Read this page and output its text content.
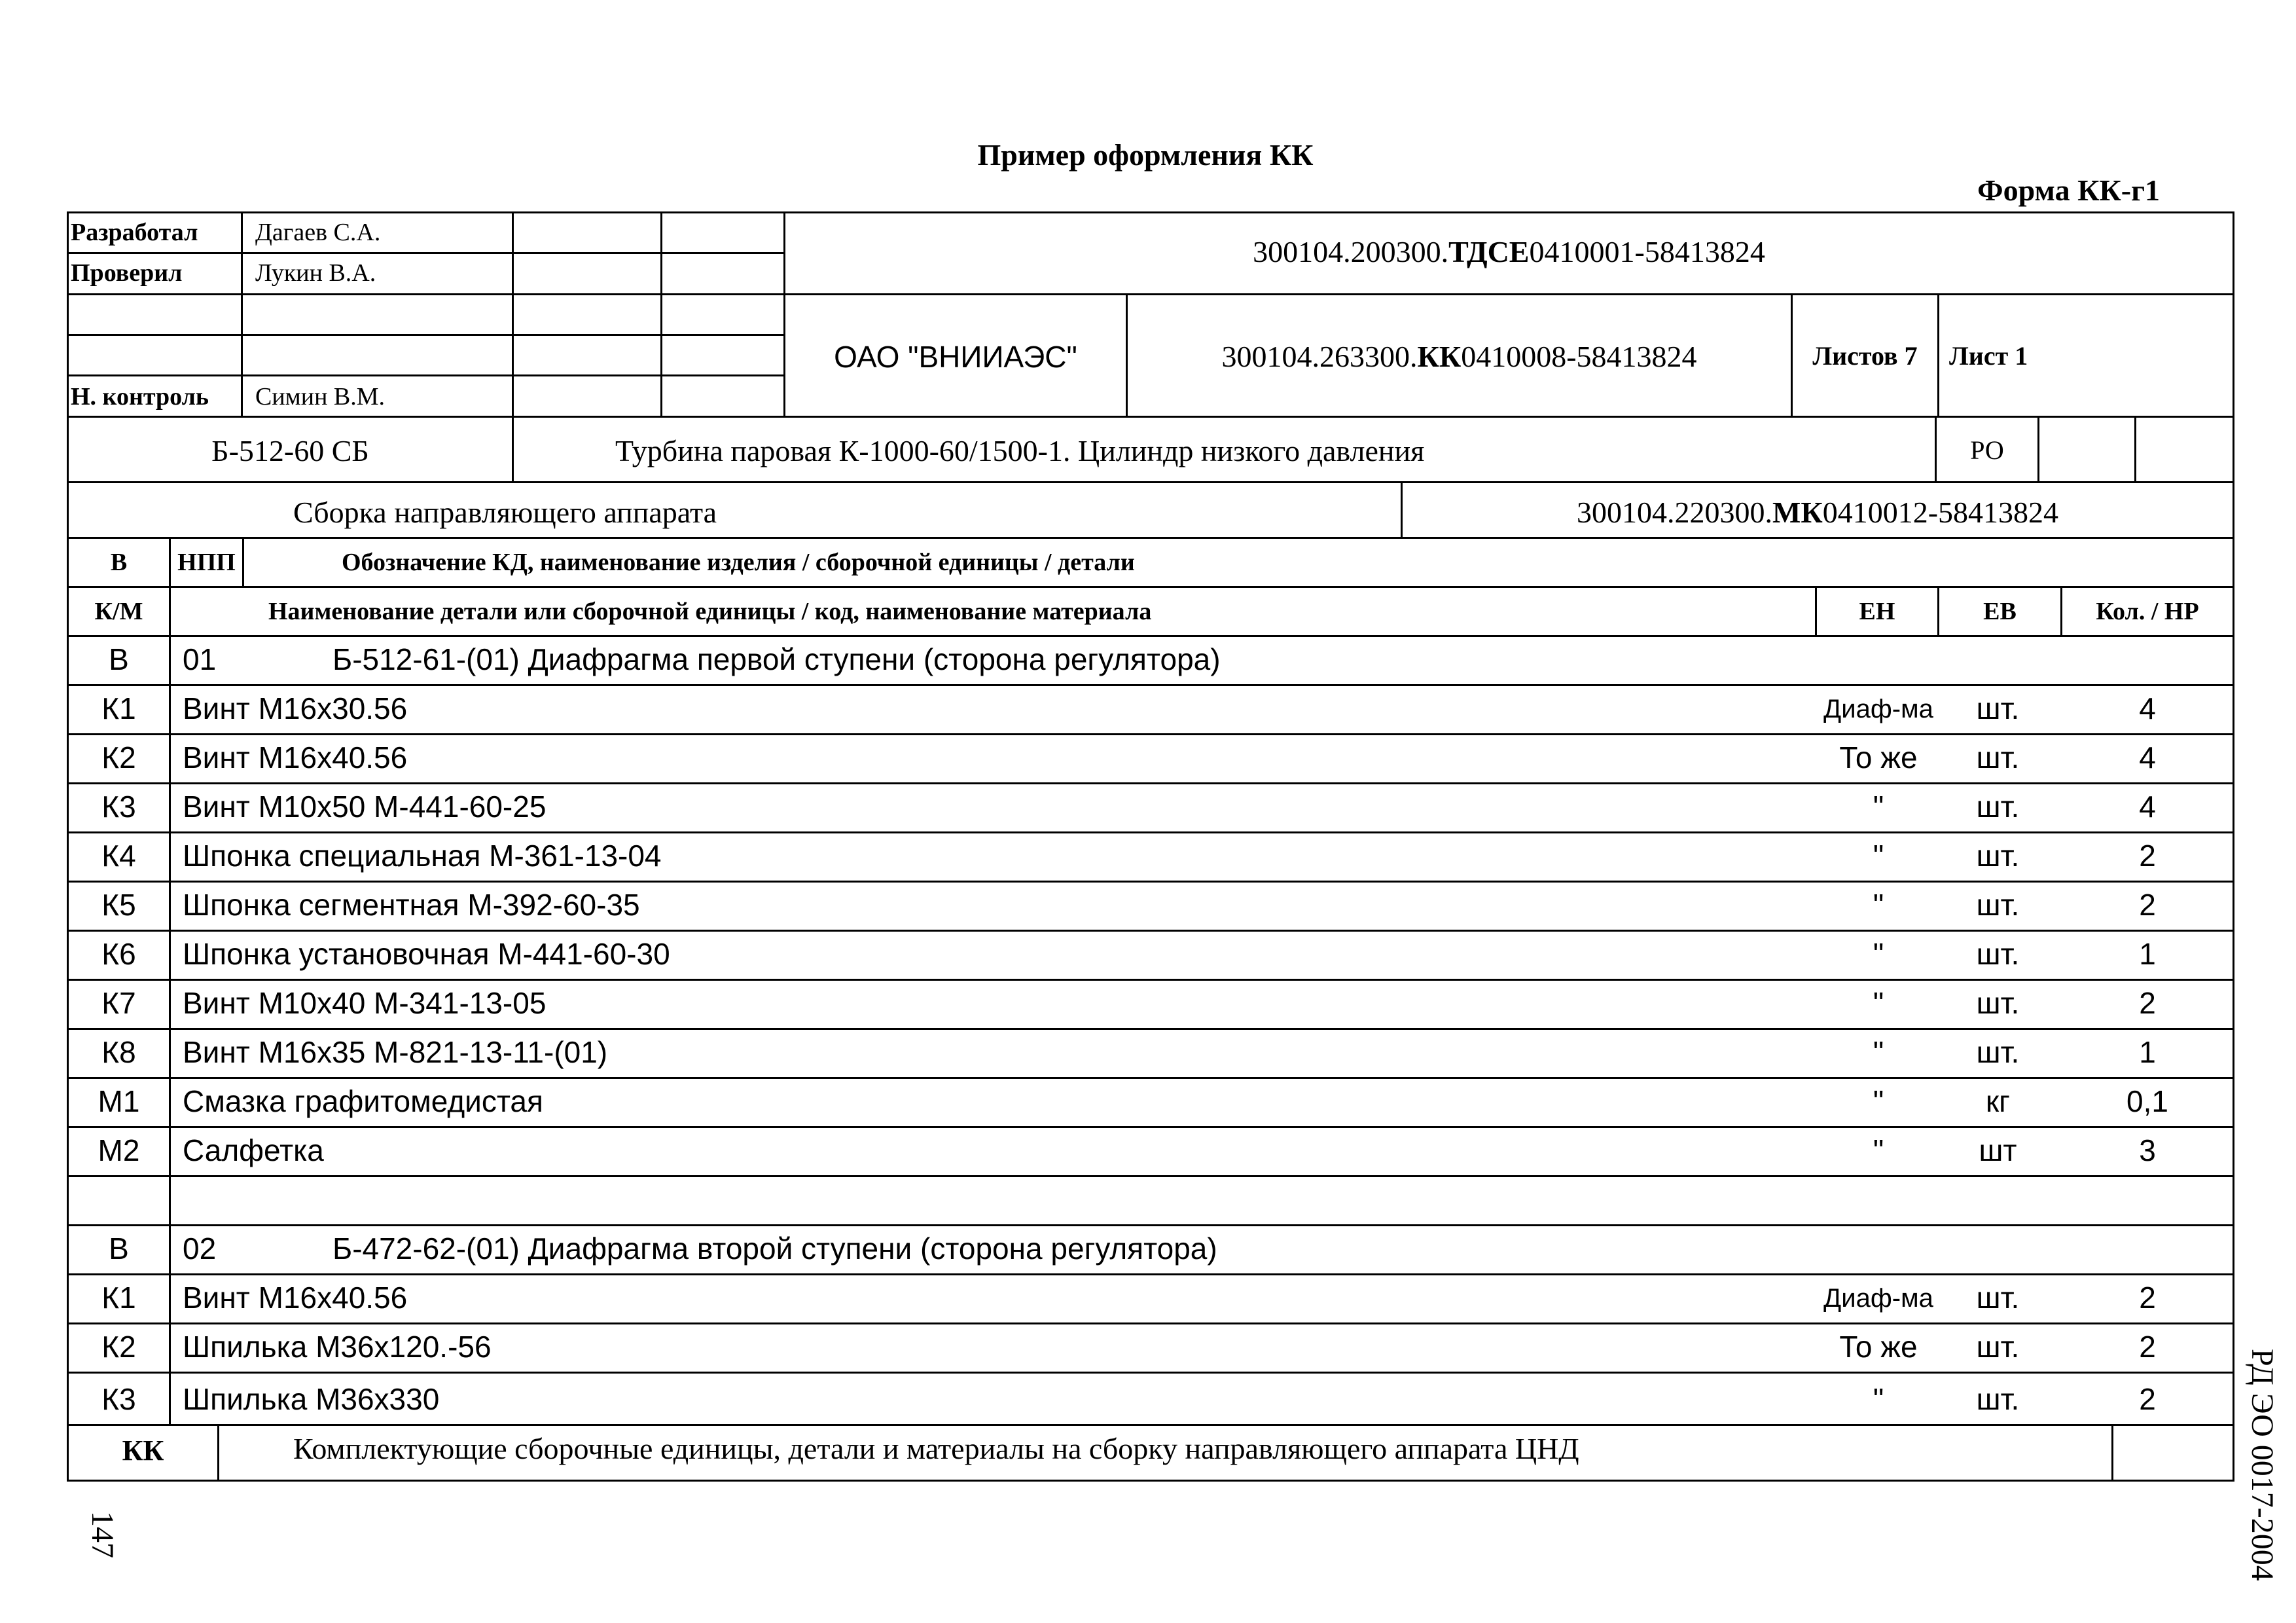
Пример оформления КК
Форма КК-г1
Разработал Дагаев С.А.
Проверил	Лукин В.А.
Н. контроль Симин В.М.
300104.200300.ТДСЕ0410001-58413824
ОАО "ВНИИАЭС"	300104.263300.КК0410008-58413824	Листов 7	Лист 1
Б-512-60 СБ	Турбина паровая К-1000-60/1500-1. Цилиндр низкого давления	РО
Сборка направляющего аппарата	300104.220300.МК0410012-58413824
В	НПП	Обозначение КД, наименование изделия / сборочной единицы / детали
К/М	Наименование детали или сборочной единицы / код, наименование материала	ЕН	ЕВ	Кол. / НР
В	01	Б-512-61-(01) Диафрагма первой ступени (сторона регулятора)
К1	Винт М16х30.56	Диаф-ма	шт.	4
К2	Винт М16х40.56	То же	шт.	4
К3	Винт М10х50 М-441-60-25	"	шт.	4
К4	Шпонка специальная М-361-13-04	"	шт.	2
К5	Шпонка сегментная М-392-60-35	"	шт.	2
К6	Шпонка установочная М-441-60-30	"	шт.	1
К7	Винт М10х40 М-341-13-05	"	шт.	2
К8	Винт М16х35 М-821-13-11-(01)	"	шт.	1
М1	Смазка графитомедистая	"	кг	0,1
М2	Салфетка	"	шт	3
В	02	Б-472-62-(01) Диафрагма второй ступени (сторона регулятора)
К1	Винт М16х40.56	Диаф-ма	шт.	2
К2	Шпилька М36х120.-56	То же	шт.	2
К3	Шпилька М36х330	"	шт.	2
КК	Комплектующие сборочные единицы, детали и материалы на сборку направляющего аппарата ЦНД	РД ЭО 0017-2004
147
